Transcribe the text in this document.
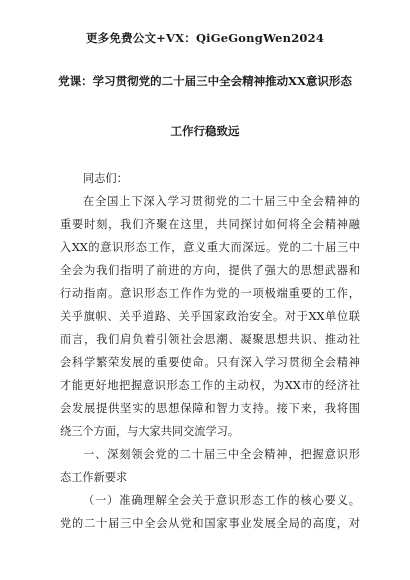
更多免费公文+VX：QiGeGongWen2024
党课：学习贯彻党的二十届三中全会精神推动XX意识形态
工作行稳致远
同志们：
在全国上下深入学习贯彻党的二十届三中全会精神的
重要时刻，我们齐聚在这里，共同探讨如何将全会精神融
入XX的意识形态工作，意义重大而深远。党的二十届三中
全会为我们指明了前进的方向，提供了强大的思想武器和
行动指南。意识形态工作作为党的一项极端重要的工作，
关乎旗帜、关乎道路、关乎国家政治安全。对于XX单位联
而言，我们肩负着引领社会思潮、凝聚思想共识、推动社
会科学繁荣发展的重要使命。只有深入学习贯彻全会精神
才能更好地把握意识形态工作的主动权，为XX市的经济社
会发展提供坚实的思想保障和智力支持。接下来，我将围
绕三个方面，与大家共同交流学习。
一、深刻领会党的二十届三中全会精神，把握意识形
态工作新要求
（一）准确理解全会关于意识形态工作的核心要义。
党的二十届三中全会从党和国家事业发展全局的高度，对
